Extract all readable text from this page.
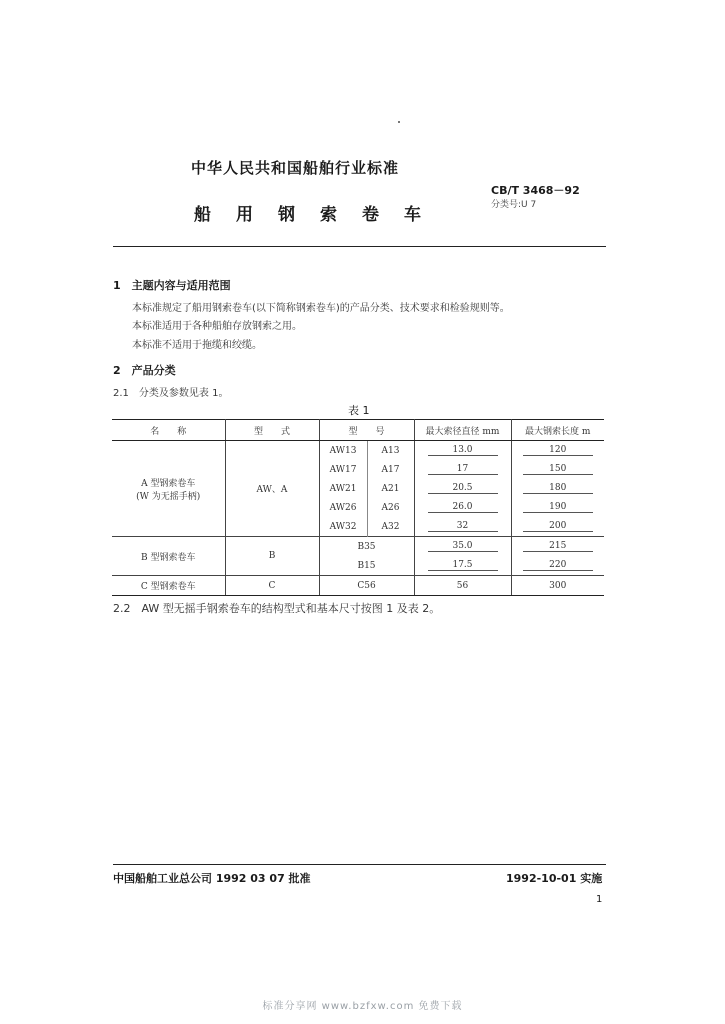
中华人民共和国船舶行业标准
船用钢索卷车
CB/T 3468－92
分类号:U 7
1　主题内容与适用范围
本标准规定了船用钢索卷车(以下简称钢索卷车)的产品分类、技术要求和检验规则等。
本标准适用于各种船舶存放钢索之用。
本标准不适用于拖缆和绞缆。
2　产品分类
2.1　分类及参数见表 1。
表 1
名　　称	型　　式	型　　号		最大索径直径 mm	最大钢索长度 m

A 型钢索卷车
(W 为无摇手柄)	AW、A	AW13	A13	13.0	120
		AW17	A17	17	150
		AW21	A21	20.5	180
		AW26	A26	26.0	190
		AW32	A32	32	200
B 型钢索卷车	B	B35		35.0	215
		B15		17.5	220
C 型钢索卷车	C	C56		56	300
2.2　AW 型无摇手钢索卷车的结构型式和基本尺寸按图 1 及表 2。
中国船舶工业总公司 1992 03 07 批准	1992-10-01 实施
1
标准分享网 www.bzfxw.com 免费下载
